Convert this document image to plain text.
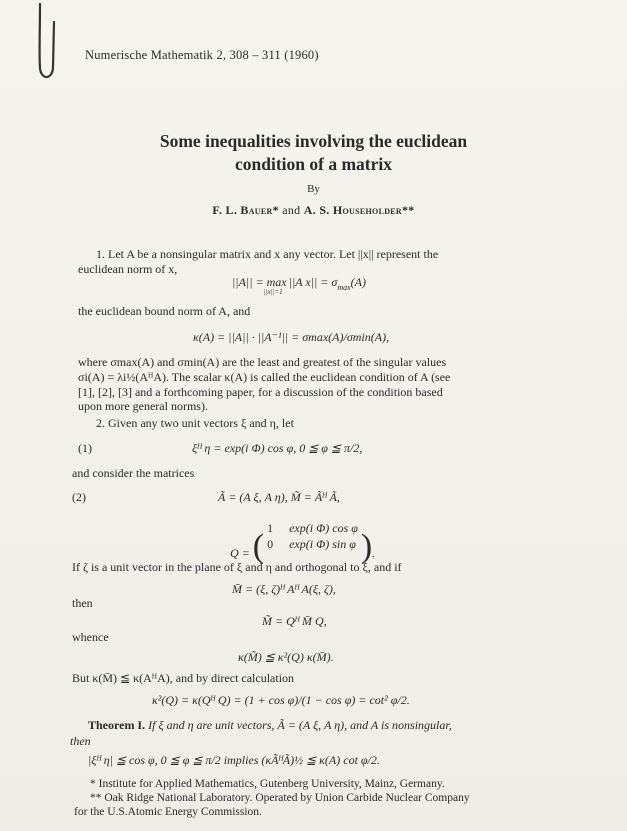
Numerische Mathematik 2, 308 – 311 (1960)
Some inequalities involving the euclidean
condition of a matrix
By
F. L. Bauer* and A. S. Householder**
1. Let A be a nonsingular matrix and x any vector. Let ||x|| represent the
euclidean norm of x,
||A|| = max $_{||x||=1}$||A $x|| = \sigma_{max}(A)$
the euclidean bound norm of A, and
κ(A) = ||A|| · ||A⁻¹|| = σmax(A)/σmin(A),
where σmax(A) and σmin(A) are the least and greatest of the singular values
σi(A) = λi½(AᴴA). The scalar κ(A) is called the euclidean condition of A (see
[1], [2], [3] and a forthcoming paper, for a discussion of the condition based
upon more general norms).
2. Given any two unit vectors ξ and η, let
(1)	ξᴴ η = exp(i Φ) cos φ, 0 ≦ φ ≦ π/2,
and consider the matrices
(2)	Ã = (A ξ, A η), M̃ = Ãᴴ Ã,
Q = ( 1 exp(i Φ) cos φ
0 exp(i Φ) sin φ ).
If ζ is a unit vector in the plane of ξ and η and orthogonal to ξ, and if
M̄ = (ξ, ζ)ᴴ Aᴴ A(ξ, ζ),
then
M̃ = Qᴴ M̄ Q,
whence
κ(M̃) ≦ κ²(Q) κ(M̄).
But κ(M̄) ≦ κ(AᴴA), and by direct calculation
κ²(Q) = κ(Qᴴ Q) = (1 + cos φ)/(1 − cos φ) = cot² φ/2.
Theorem I. If ξ and η are unit vectors, Ã = (A ξ, A η), and A is nonsingular,
then
|ξᴴ η| ≦ cos φ, 0 ≦ φ ≦ π/2 implies (κÃᴴÃ)½ ≦ κ(A) cot φ/2.
* Institute for Applied Mathematics, Gutenberg University, Mainz, Germany.
** Oak Ridge National Laboratory. Operated by Union Carbide Nuclear Company
for the U.S.Atomic Energy Commission.
